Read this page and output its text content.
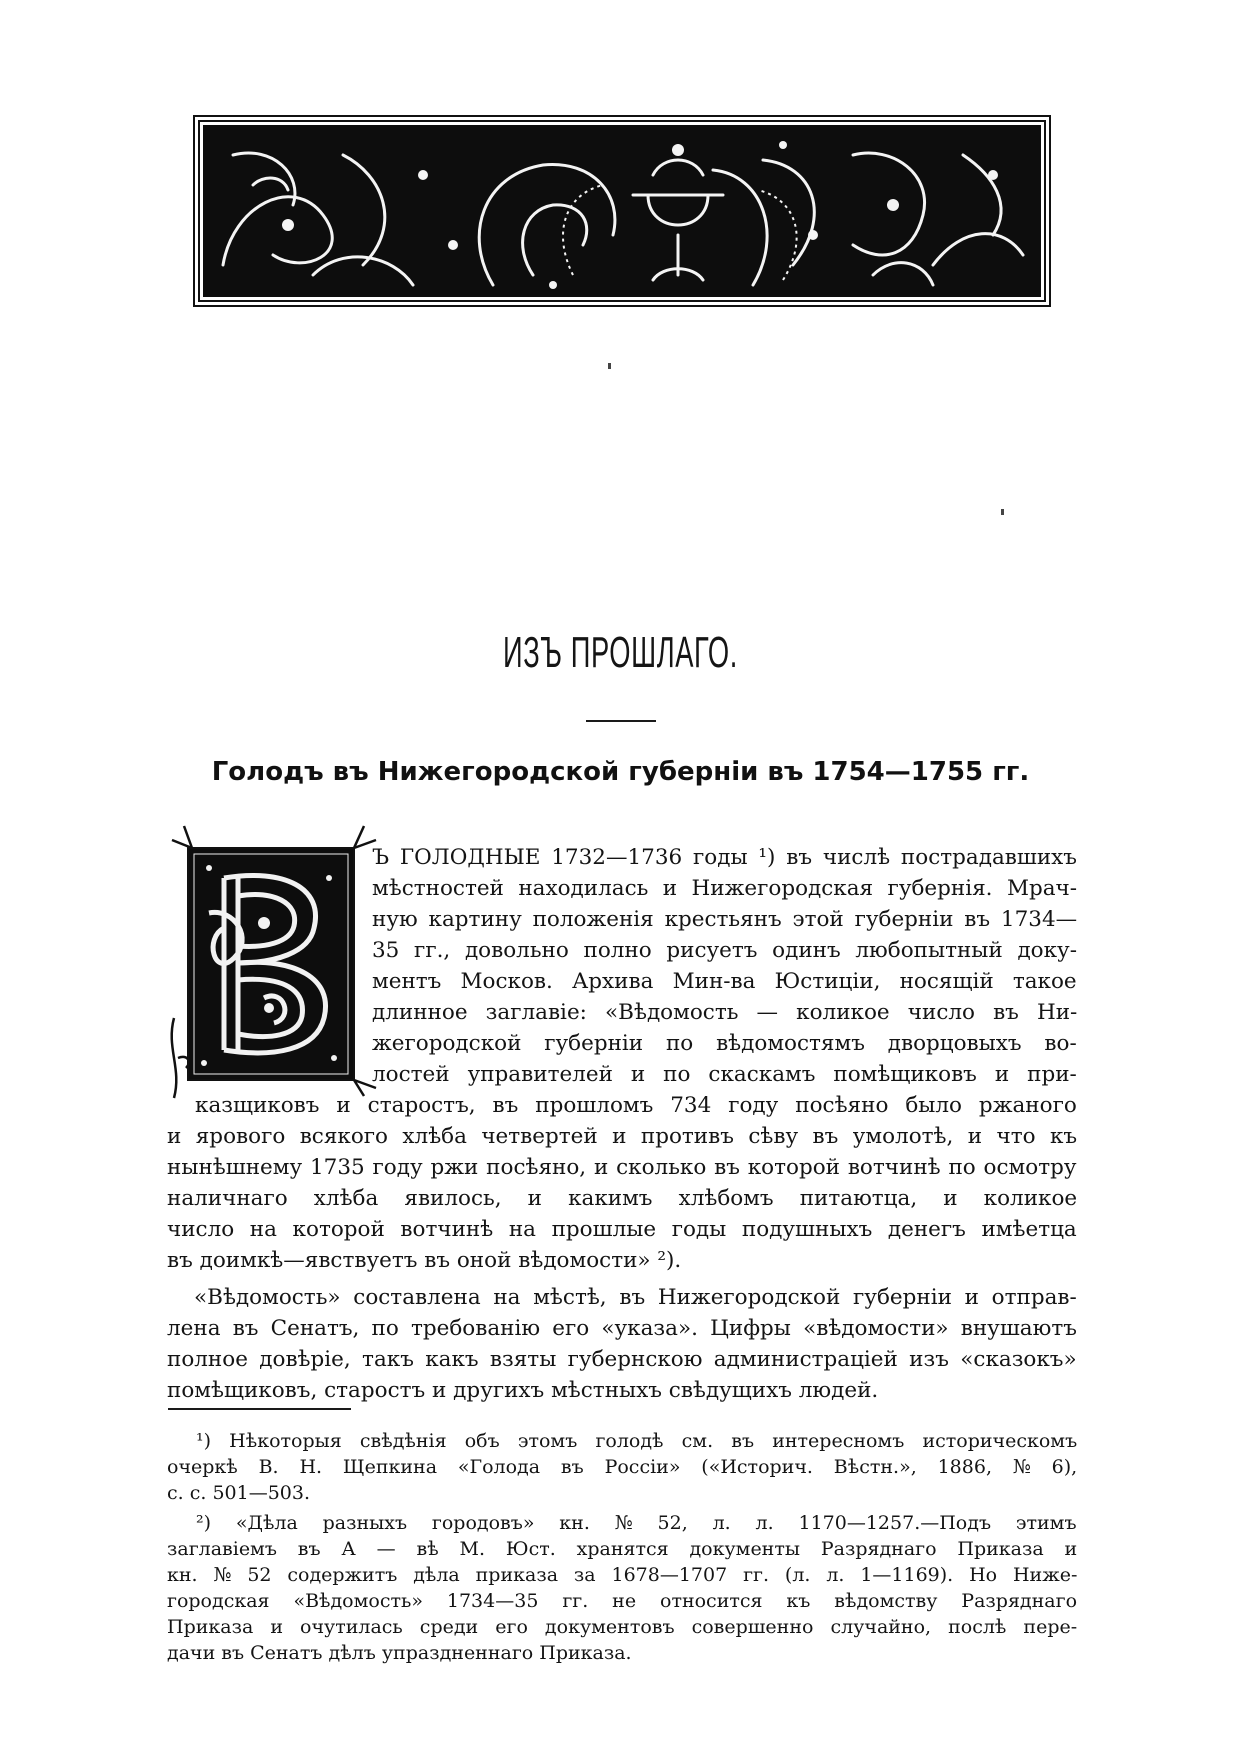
ИЗЪ ПРОШЛАГО.
Голодъ въ Нижегородской губерніи въ 1754—1755 гг.
Ъ ГОЛОДНЫЕ 1732—1736 годы ¹) въ числѣ пострадавшихъ
мѣстностей находилась и Нижегородская губернія. Мрач-
ную картину положенія крестьянъ этой губерніи въ 1734—
35 гг., довольно полно рисуетъ одинъ любопытный доку-
ментъ Москов. Архива Мин-ва Юстиціи, носящій такое
длинное заглавіе: «Вѣдомость — коликое число въ Ни-
жегородской губерніи по вѣдомостямъ дворцовыхъ во-
лостей управителей и по скаскамъ помѣщиковъ и при-
казщиковъ и старостъ, въ прошломъ 734 году посѣяно было ржаного
и ярового всякого хлѣба четвертей и противъ сѣву въ умолотѣ, и что къ
нынѣшнему 1735 году ржи посѣяно, и сколько въ которой вотчинѣ по осмотру
наличнаго хлѣба явилось, и какимъ хлѣбомъ питаютца, и коликое
число на которой вотчинѣ на прошлые годы подушныхъ денегъ имѣетца
въ доимкѣ—явствуетъ въ оной вѣдомости» ²).
«Вѣдомость» составлена на мѣстѣ, въ Нижегородской губерніи и отправ-
лена въ Сенатъ, по требованію его «указа». Цифры «вѣдомости» внушаютъ
полное довѣріе, такъ какъ взяты губернскою администраціей изъ «сказокъ»
помѣщиковъ, старостъ и другихъ мѣстныхъ свѣдущихъ людей.
¹) Нѣкоторыя свѣдѣнія объ этомъ голодѣ см. въ интересномъ историческомъ
очеркѣ В. Н. Щепкина «Голода въ Россіи» («Историч. Вѣстн.», 1886, № 6),
с. с. 501—503.
²) «Дѣла разныхъ городовъ» кн. № 52, л. л. 1170—1257.—Подъ этимъ
заглавіемъ въ А — вѣ М. Юст. хранятся документы Разряднаго Приказа и
кн. № 52 содержитъ дѣла приказа за 1678—1707 гг. (л. л. 1—1169). Но Нижe-
городская «Вѣдомость» 1734—35 гг. не относится къ вѣдомству Разряднаго
Приказа и очутилась среди его документовъ совершенно случайно, послѣ пере-
дачи въ Сенатъ дѣлъ упраздненнаго Приказа.
